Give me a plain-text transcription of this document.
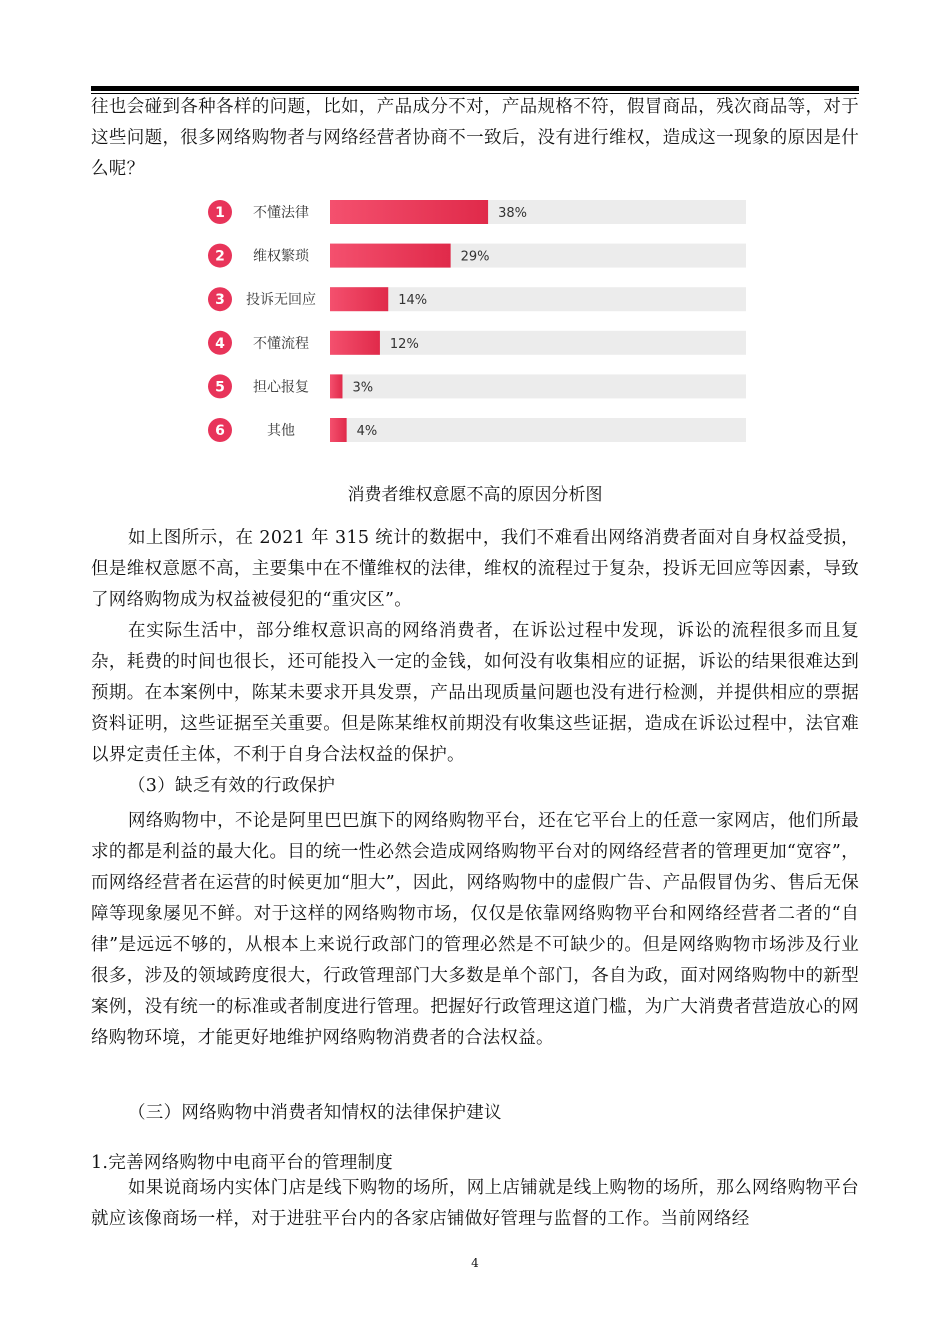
往也会碰到各种各样的问题，比如，产品成分不对，产品规格不符，假冒商品，残次商品等，对于这些问题，很多网络购物者与网络经营者协商不一致后，没有进行维权，造成这一现象的原因是什么呢？

1 不懂法律	38%
2 维权繁琐	29%
3 投诉无回应	14%
4 不懂流程	12%
5 担心报复	3%
6	其他	4%

消费者维权意愿不高的原因分析图

如上图所示，在 2021 年 315 统计的数据中，我们不难看出网络消费者面对自身权益受损，但是维权意愿不高，主要集中在不懂维权的法律，维权的流程过于复杂，投诉无回应等因素，导致了网络购物成为权益被侵犯的“重灾区”。

在实际生活中，部分维权意识高的网络消费者，在诉讼过程中发现，诉讼的流程很多而且复杂，耗费的时间也很长，还可能投入一定的金钱，如何没有收集相应的证据，诉讼的结果很难达到预期。在本案例中，陈某未要求开具发票，产品出现质量问题也没有进行检测，并提供相应的票据资料证明，这些证据至关重要。但是陈某维权前期没有收集这些证据，造成在诉讼过程中，法官难以界定责任主体，不利于自身合法权益的保护。

（3）缺乏有效的行政保护

网络购物中，不论是阿里巴巴旗下的网络购物平台，还在它平台上的任意一家网店，他们所最求的都是利益的最大化。目的统一性必然会造成网络购物平台对的网络经营者的管理更加“宽容”，而网络经营者在运营的时候更加“胆大”，因此，网络购物中的虚假广告、产品假冒伪劣、售后无保障等现象屡见不鲜。对于这样的网络购物市场，仅仅是依靠网络购物平台和网络经营者二者的“自律”是远远不够的，从根本上来说行政部门的管理必然是不可缺少的。但是网络购物市场涉及行业很多，涉及的领域跨度很大，行政管理部门大多数是单个部门，各自为政，面对网络购物中的新型案例，没有统一的标准或者制度进行管理。把握好行政管理这道门槛，为广大消费者营造放心的网络购物环境，才能更好地维护网络购物消费者的合法权益。

（三）网络购物中消费者知情权的法律保护建议

1.完善网络购物中电商平台的管理制度

如果说商场内实体门店是线下购物的场所，网上店铺就是线上购物的场所，那么网络购物平台就应该像商场一样，对于进驻平台内的各家店铺做好管理与监督的工作。当前网络经

4
